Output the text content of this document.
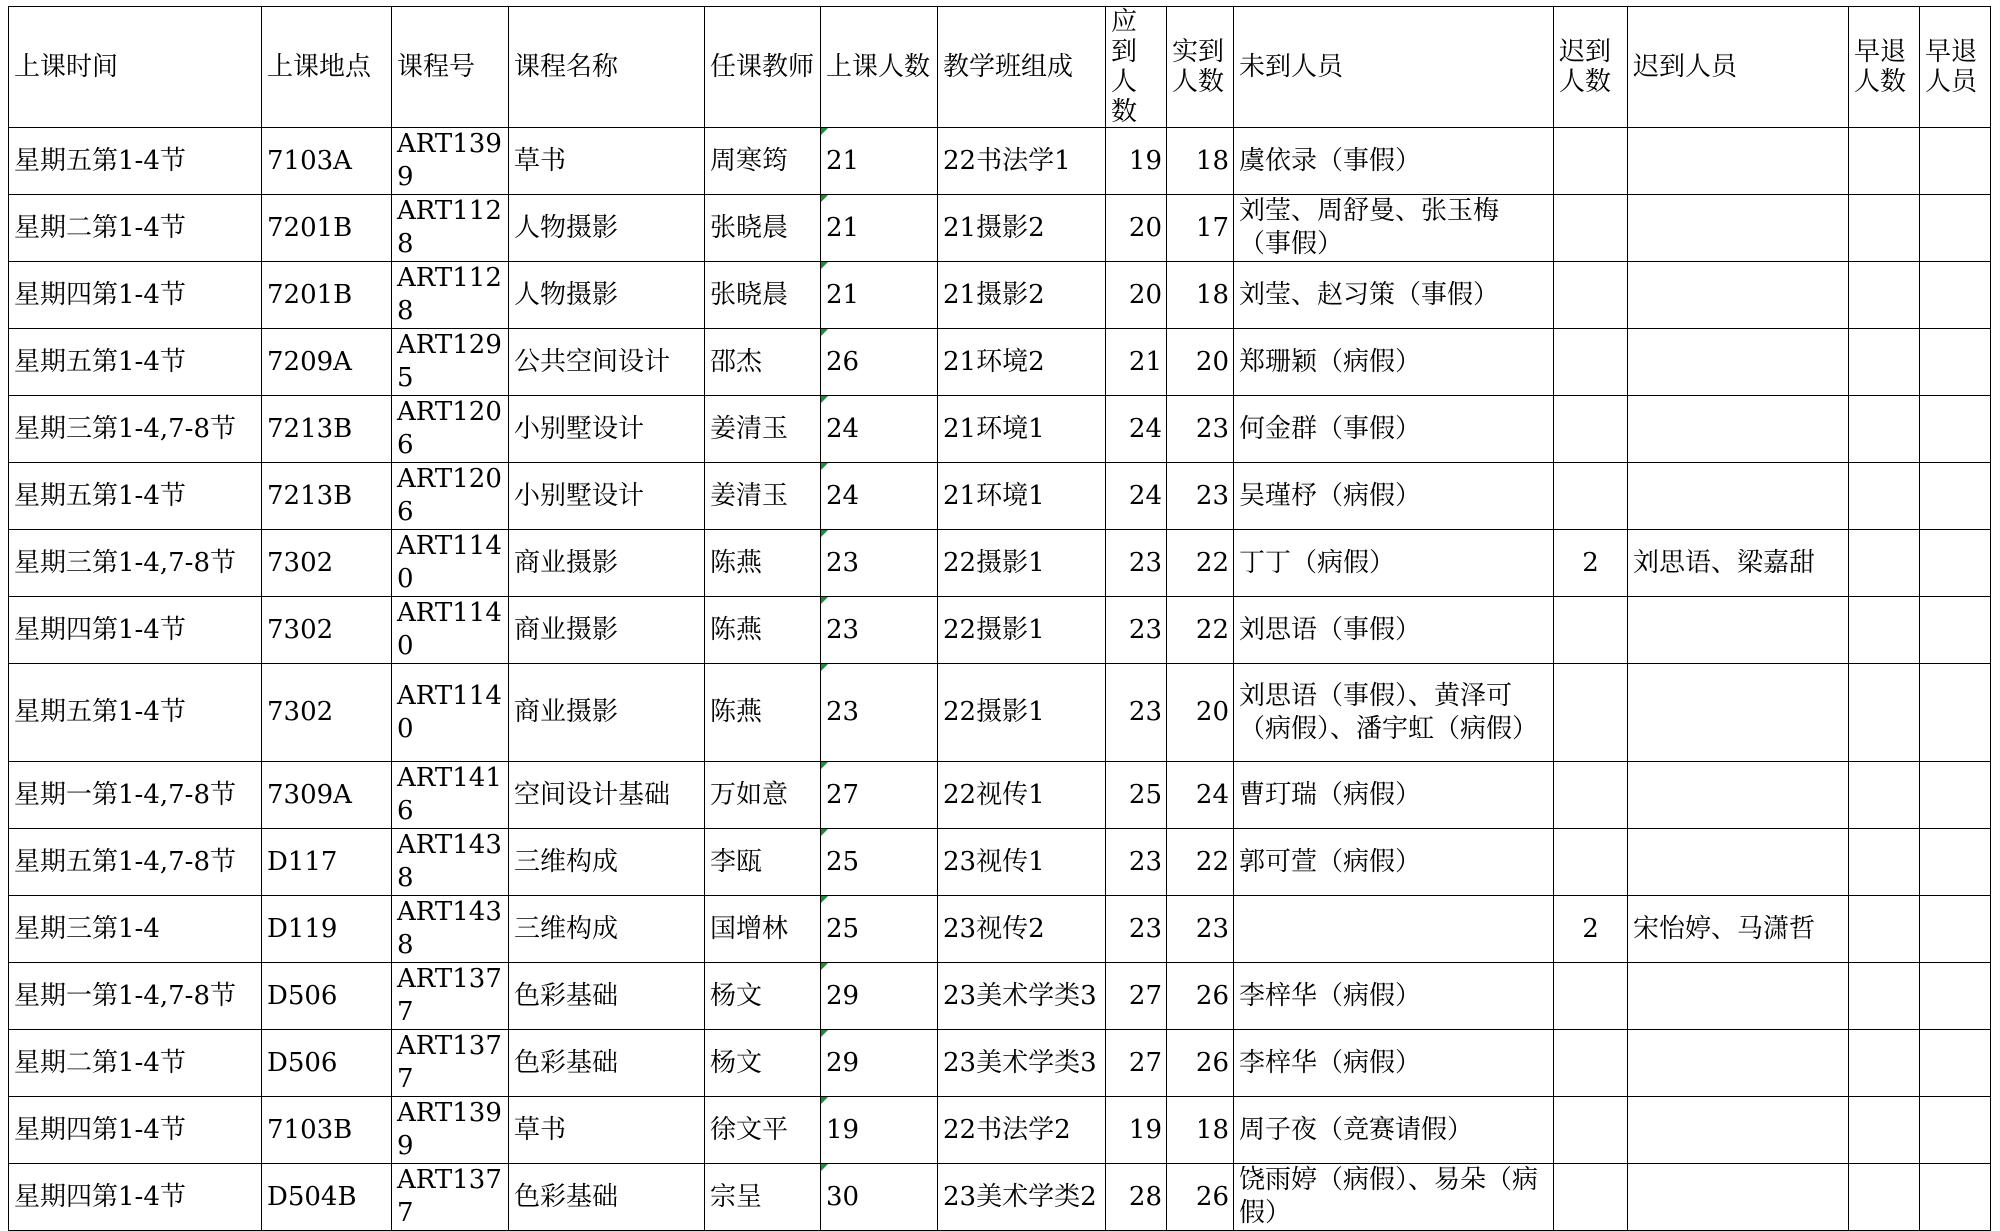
上课时间	上课地点	课程号	课程名称	任课教师	上课人数	教学班组成	应到人数	实到人数	未到人员	迟到人数	迟到人员	早退人数	早退人员
星期五第1-4节	7103A	ART1399	草书	周寒筠	21	22书法学1	19	18	虞依录（事假）				
星期二第1-4节	7201B	ART1128	人物摄影	张晓晨	21	21摄影2	20	17	刘莹、周舒曼、张玉梅（事假）				
星期四第1-4节	7201B	ART1128	人物摄影	张晓晨	21	21摄影2	20	18	刘莹、赵习策（事假）				
星期五第1-4节	7209A	ART1295	公共空间设计	邵杰	26	21环境2	21	20	郑珊颖（病假）				
星期三第1-4,7-8节	7213B	ART1206	小别墅设计	姜清玉	24	21环境1	24	23	何金群（事假）				
星期五第1-4节	7213B	ART1206	小别墅设计	姜清玉	24	21环境1	24	23	吴瑾杼（病假）				
星期三第1-4,7-8节	7302	ART1140	商业摄影	陈燕	23	22摄影1	23	22	丁丁（病假）	2	刘思语、梁嘉甜		
星期四第1-4节	7302	ART1140	商业摄影	陈燕	23	22摄影1	23	22	刘思语（事假）				
星期五第1-4节	7302	ART1140	商业摄影	陈燕	23	22摄影1	23	20	刘思语（事假）、黄泽可（病假）、潘宇虹（病假）				
星期一第1-4,7-8节	7309A	ART1416	空间设计基础	万如意	27	22视传1	25	24	曹玎瑞（病假）				
星期五第1-4,7-8节	D117	ART1438	三维构成	李瓯	25	23视传1	23	22	郭可萱（病假）				
星期三第1-4	D119	ART1438	三维构成	国增林	25	23视传2	23	23		2	宋怡婷、马潇哲		
星期一第1-4,7-8节	D506	ART1377	色彩基础	杨文	29	23美术学类3	27	26	李梓华（病假）				
星期二第1-4节	D506	ART1377	色彩基础	杨文	29	23美术学类3	27	26	李梓华（病假）				
星期四第1-4节	7103B	ART1399	草书	徐文平	19	22书法学2	19	18	周子夜（竞赛请假）				
星期四第1-4节	D504B	ART1377	色彩基础	宗呈	30	23美术学类2	28	26	饶雨婷（病假）、易朵（病假）				
